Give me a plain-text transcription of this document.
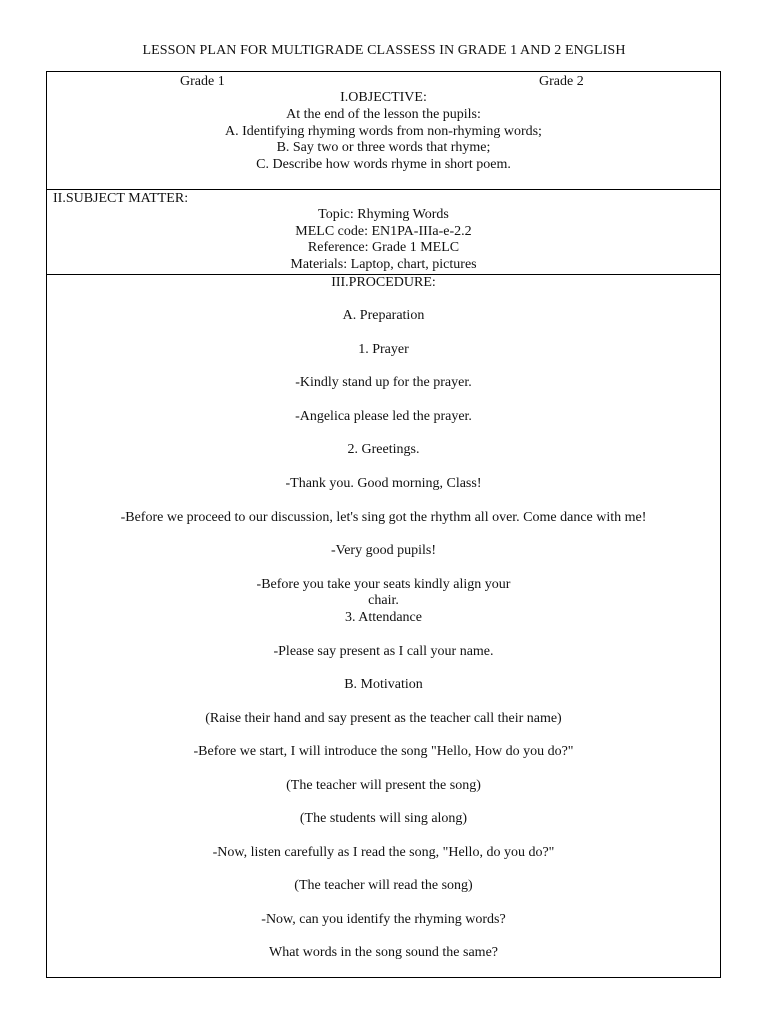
LESSON PLAN FOR MULTIGRADE CLASSESS IN GRADE 1 AND 2 ENGLISH
Grade 1	Grade 2
I.OBJECTIVE:
At the end of the lesson the pupils:
A. Identifying rhyming words from non-rhyming words;
B. Say two or three words that rhyme;
C. Describe how words rhyme in short poem.
II.SUBJECT MATTER:
Topic: Rhyming Words
MELC code: EN1PA-IIIa-e-2.2
Reference: Grade 1 MELC
Materials: Laptop, chart, pictures
III.PROCEDURE:
A. Preparation
1. Prayer
-Kindly stand up for the prayer.
-Angelica please led the prayer.
2. Greetings.
-Thank you. Good morning, Class!
-Before we proceed to our discussion, let's sing got the rhythm all over. Come dance with me!
-Very good pupils!
-Before you take your seats kindly align your
chair.
3. Attendance
-Please say present as I call your name.
B. Motivation
(Raise their hand and say present as the teacher call their name)
-Before we start, I will introduce the song "Hello, How do you do?"
(The teacher will present the song)
(The students will sing along)
-Now, listen carefully as I read the song, "Hello, do you do?"
(The teacher will read the song)
-Now, can you identify the rhyming words?
What words in the song sound the same?
